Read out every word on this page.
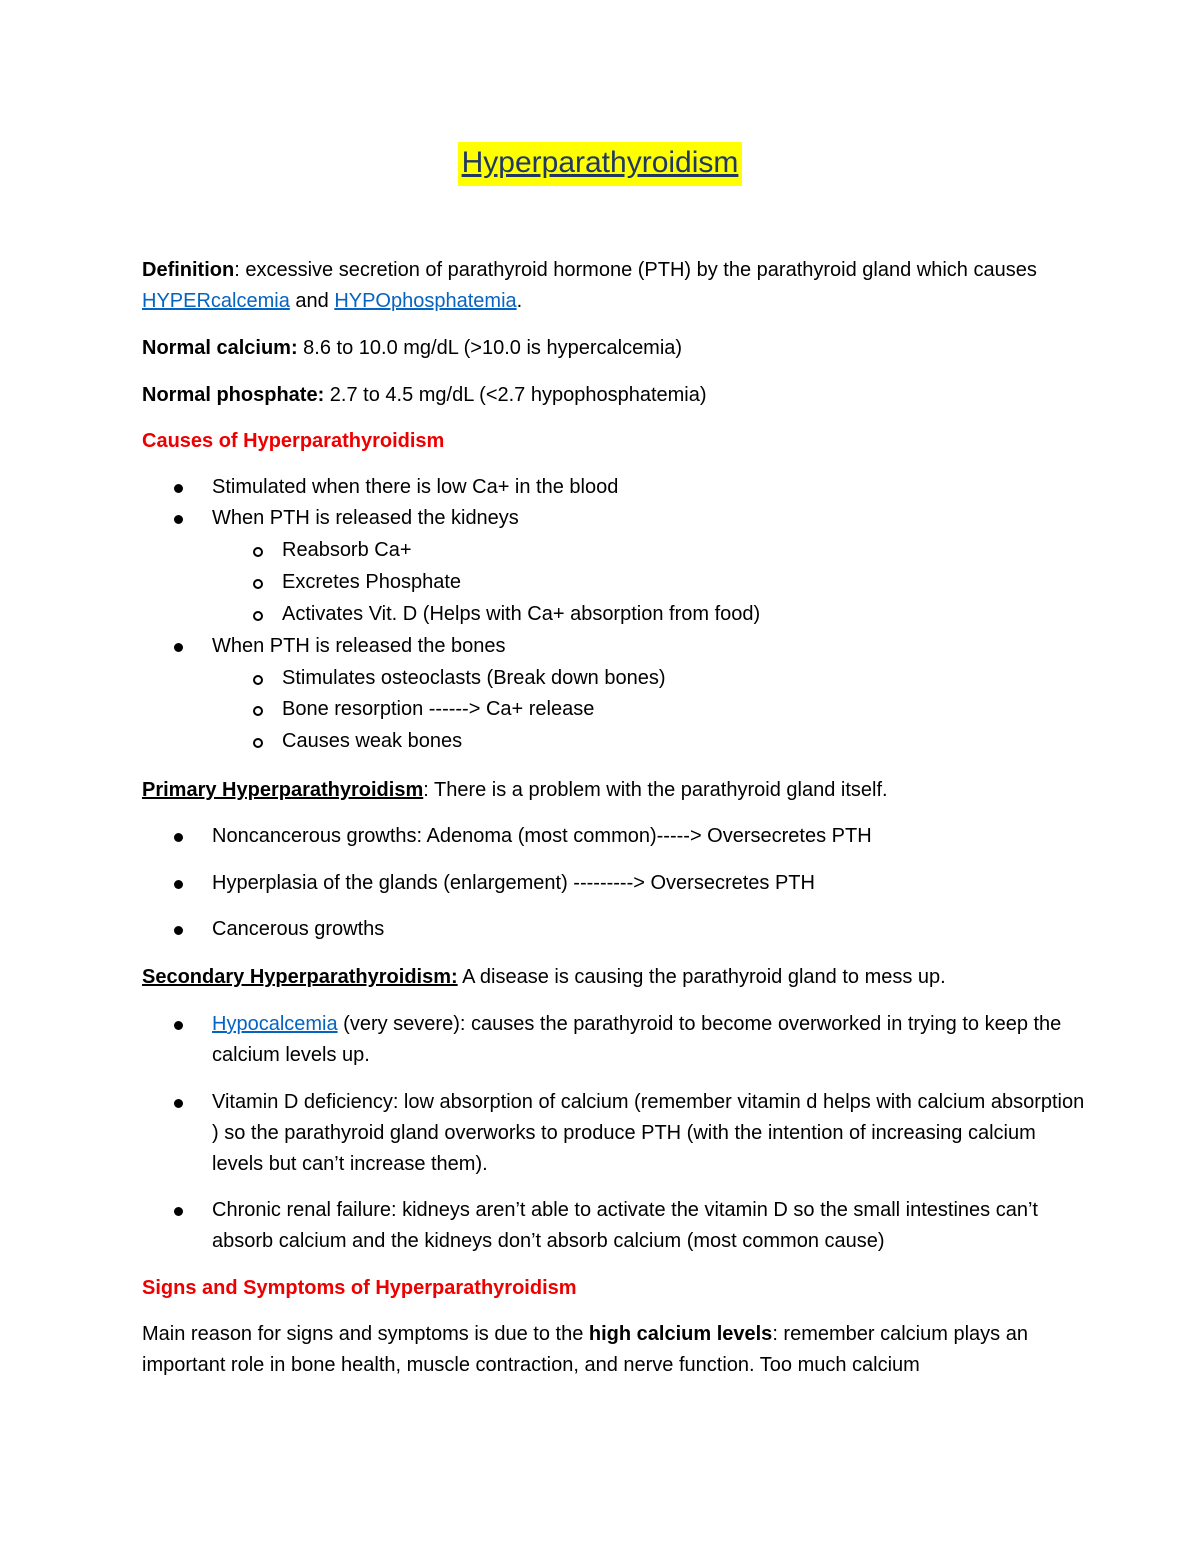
Hyperparathyroidism
Definition: excessive secretion of parathyroid hormone (PTH) by the parathyroid gland which causes HYPERcalcemia and HYPOphosphatemia.
Normal calcium: 8.6 to 10.0 mg/dL (>10.0 is hypercalcemia)
Normal phosphate: 2.7 to 4.5 mg/dL (<2.7 hypophosphatemia)
Causes of Hyperparathyroidism
Stimulated when there is low Ca+ in the blood
When PTH is released the kidneys
Reabsorb Ca+
Excretes Phosphate
Activates Vit. D (Helps with Ca+ absorption from food)
When PTH is released the bones
Stimulates osteoclasts (Break down bones)
Bone resorption ------> Ca+ release
Causes weak bones
Primary Hyperparathyroidism: There is a problem with the parathyroid gland itself.
Noncancerous growths: Adenoma (most common)-----> Oversecretes PTH
Hyperplasia of the glands (enlargement) ---------> Oversecretes PTH
Cancerous growths
Secondary Hyperparathyroidism: A disease is causing the parathyroid gland to mess up.
Hypocalcemia (very severe): causes the parathyroid to become overworked in trying to keep the calcium levels up.
Vitamin D deficiency: low absorption of calcium (remember vitamin d helps with calcium absorption ) so the parathyroid gland overworks to produce PTH (with the intention of increasing calcium levels but can’t increase them).
Chronic renal failure: kidneys aren’t able to activate the vitamin D so the small intestines can’t absorb calcium and the kidneys don’t absorb calcium (most common cause)
Signs and Symptoms of Hyperparathyroidism
Main reason for signs and symptoms is due to the high calcium levels: remember calcium plays an important role in bone health, muscle contraction, and nerve function. Too much calcium
